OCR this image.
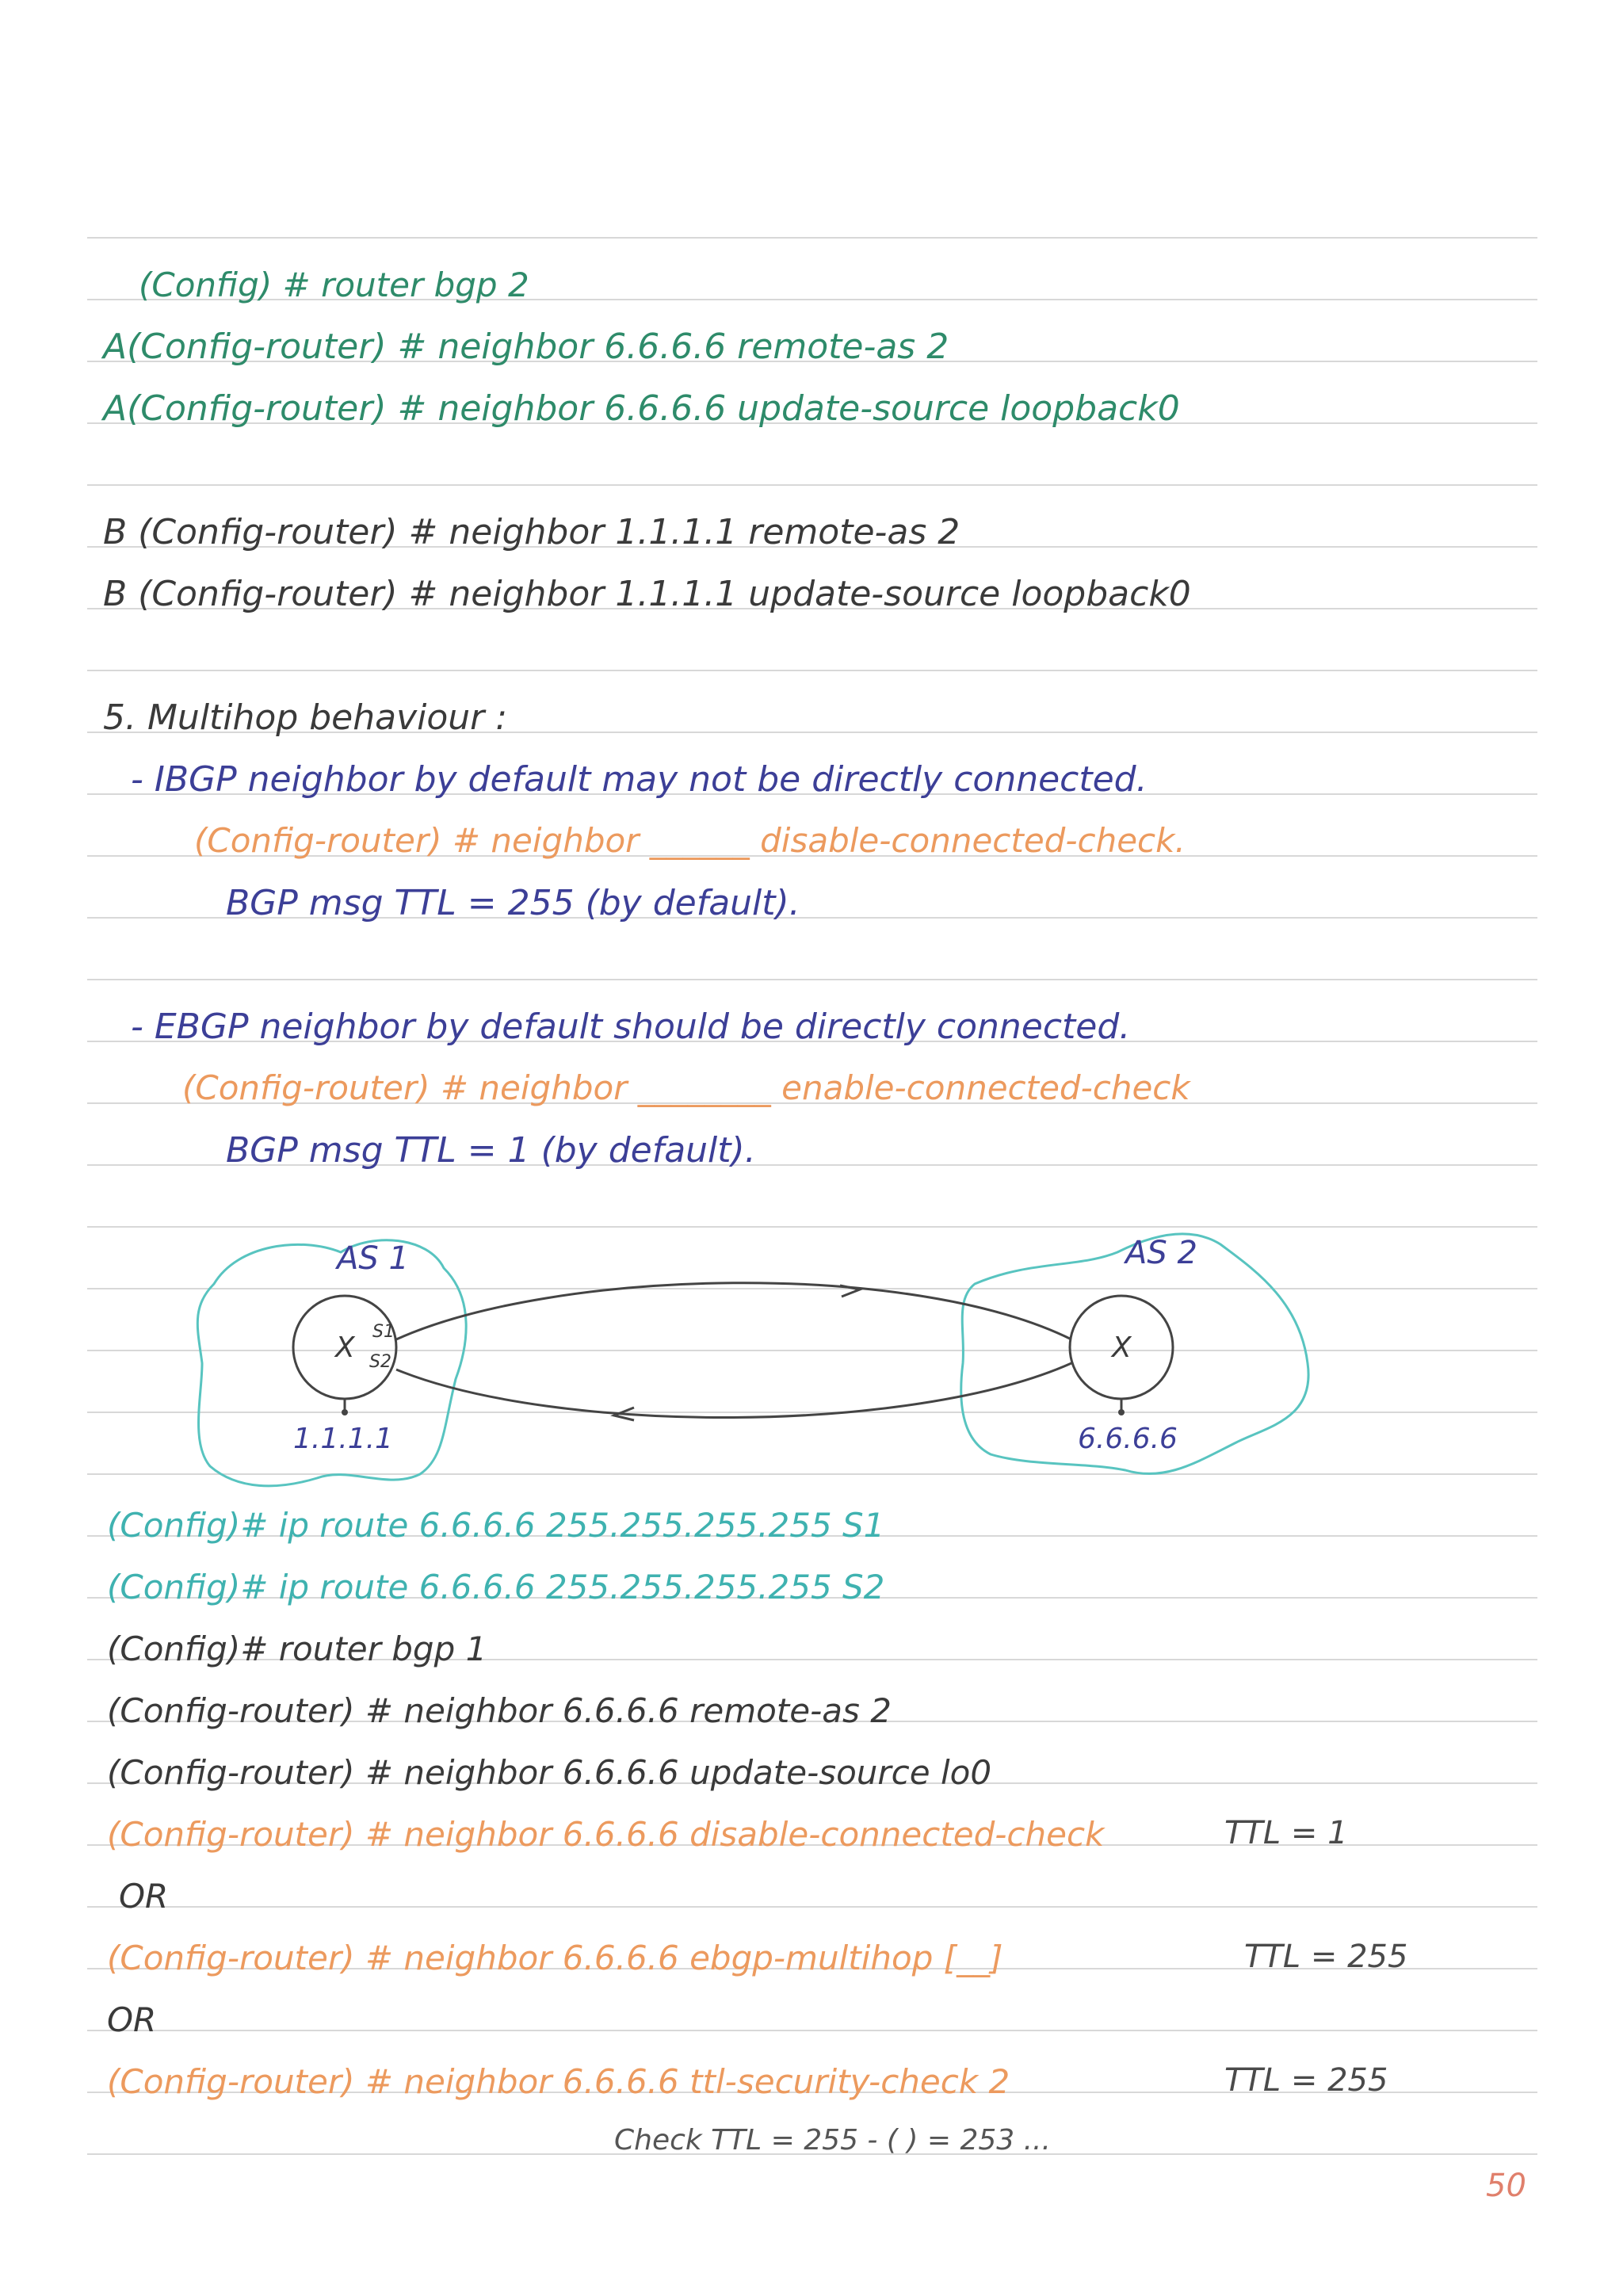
(Config) # router bgp 2
A(Config-router) # neighbor 6.6.6.6 remote-as 2
A(Config-router) # neighbor 6.6.6.6 update-source loopback0
B (Config-router) # neighbor 1.1.1.1 remote-as 2
B (Config-router) # neighbor 1.1.1.1 update-source loopback0
5. Multihop behaviour :
- IBGP neighbor by default may not be directly connected.
(Config-router) # neighbor ______ disable-connected-check.
BGP msg TTL = 255 (by default).
- EBGP neighbor by default should be directly connected.
(Config-router) # neighbor ________ enable-connected-check
BGP msg TTL = 1 (by default).
AS 1	AS 2
X	X
S1
S2
1.1.1.1	6.6.6.6
(Config)# ip route 6.6.6.6 255.255.255.255 S1
(Config)# ip route 6.6.6.6 255.255.255.255 S2
(Config)# router bgp 1
(Config-router) # neighbor 6.6.6.6 remote-as 2
(Config-router) # neighbor 6.6.6.6 update-source lo0
(Config-router) # neighbor 6.6.6.6 disable-connected-check	TTL = 1
OR
(Config-router) # neighbor 6.6.6.6 ebgp-multihop [__]	TTL = 255
OR
(Config-router) # neighbor 6.6.6.6 ttl-security-check 2	TTL = 255
Check TTL = 255 - ( ) = 253 ...
50
